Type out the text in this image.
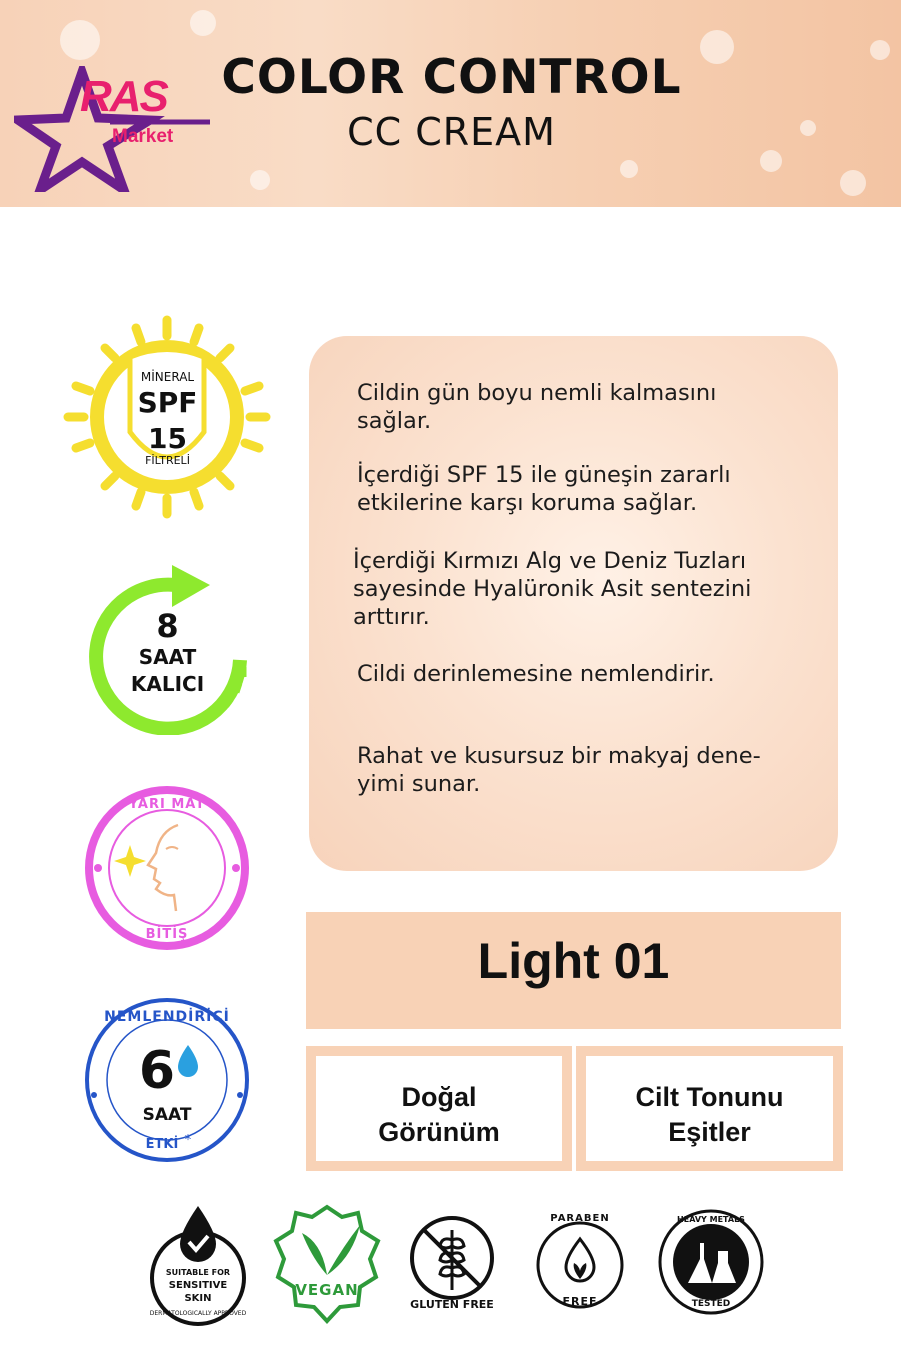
RAS
Market
COLOR CONTROL
CC CREAM
MİNERAL
SPF
15
FİLTRELİ
8
SAAT
KALICI
YARI MAT
BİTİŞ
NEMLENDİRİCİ
6
SAAT
ETKİ *
Cildin gün boyu nemli kalmasını
sağlar.
İçerdiği SPF 15 ile güneşin zararlı
etkilerine karşı koruma sağlar.
İçerdiği Kırmızı Alg ve Deniz Tuzları
sayesinde Hyalüronik Asit sentezini
arttırır.
Cildi derinlemesine nemlendirir.
Rahat ve kusursuz bir makyaj dene-
yimi sunar.
Light 01
Doğal
Görünüm
Cilt Tonunu
Eşitler
SUITABLE FOR
SENSITIVE
SKIN
DERMATOLOGICALLY APPROVED
VEGAN
GLUTEN FREE
PARABEN
FREE
HEAVY METALS
TESTED
